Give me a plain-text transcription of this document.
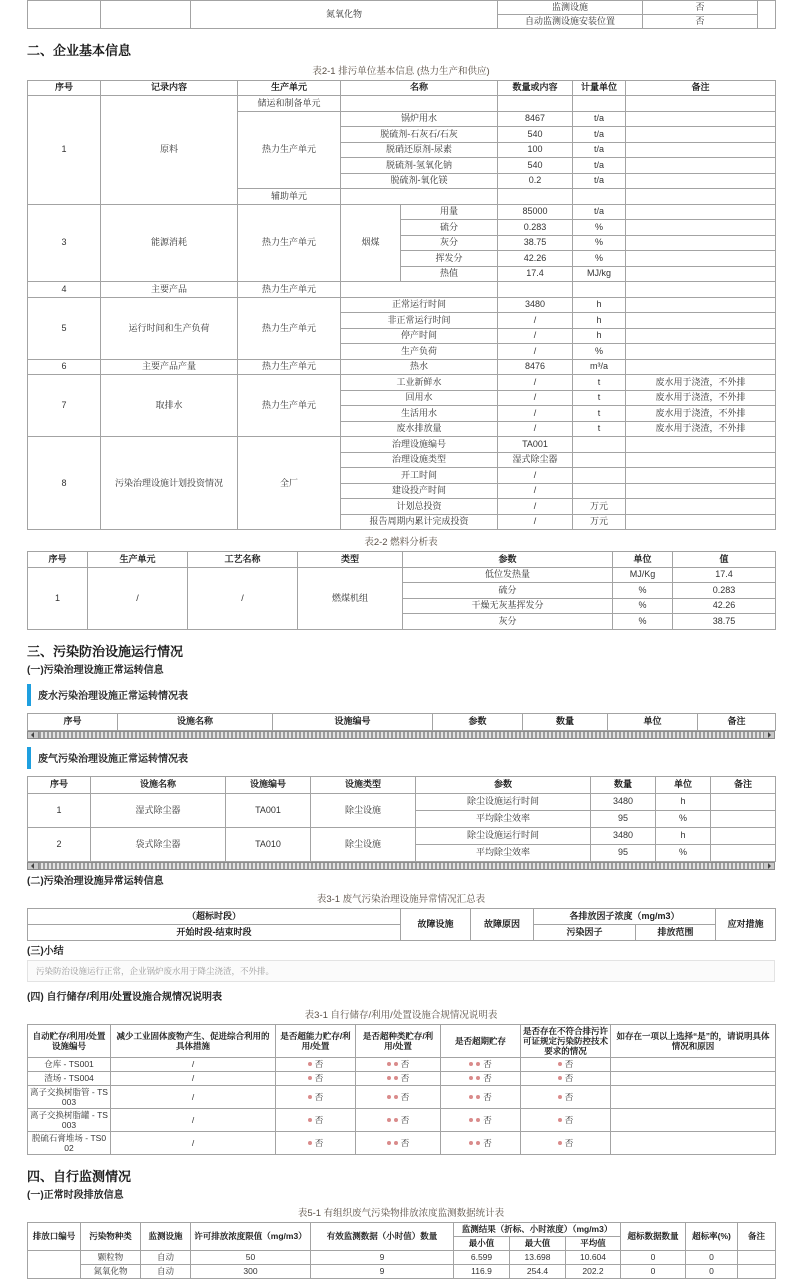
		氮氧化物	监测设施	否	
			自动监测设施安装位置	否	
二、企业基本信息
表2-1 排污单位基本信息 (热力生产和供应)
序号	记录内容	生产单元	名称		数量或内容	计量单位	备注
1	原料	储运和制备单元					
		热力生产单元	锅炉用水		8467	t/a	
			脱硫剂-石灰石/石灰		540	t/a	
			脱硝还原剂-尿素		100	t/a	
			脱硫剂-氢氧化钠		540	t/a	
			脱硫剂-氧化镁		0.2	t/a	
		辅助单元					
3	能源消耗	热力生产单元	烟煤	用量	85000	t/a	
				硫分	0.283	%	
				灰分	38.75	%	
				挥发分	42.26	%	
				热值	17.4	MJ/kg	
4	主要产品	热力生产单元					
5	运行时间和生产负荷	热力生产单元	正常运行时间		3480	h	
			非正常运行时间		/	h	
			停产时间		/	h	
			生产负荷		/	%	
6	主要产品产量	热力生产单元	热水		8476	m³/a	
7	取排水	热力生产单元	工业新鲜水		/	t	废水用于浇渣，不外排
			回用水		/	t	废水用于浇渣，不外排
			生活用水		/	t	废水用于浇渣，不外排
			废水排放量		/	t	废水用于浇渣，不外排
8	污染治理设施计划投资情况	全厂	治理设施编号		TA001		
			治理设施类型		湿式除尘器		
			开工时间		/		
			建设投产时间		/		
			计划总投资		/	万元	
			报告周期内累计完成投资		/	万元	
表2-2 燃料分析表
序号	生产单元	工艺名称	类型	参数	单位	值
1	/	/	燃煤机组	低位发热量	MJ/Kg	17.4
				硫分	%	0.283
				干燥无灰基挥发分	%	42.26
				灰分	%	38.75
三、污染防治设施运行情况
(一)污染治理设施正常运转信息
废水污染治理设施正常运转情况表
序号	设施名称	设施编号	参数	数量	单位	备注
废气污染治理设施正常运转情况表
序号	设施名称	设施编号	设施类型	参数	数量	单位	备注
1	湿式除尘器	TA001	除尘设施	除尘设施运行时间	3480	h	
				平均除尘效率	95	%	
2	袋式除尘器	TA010	除尘设施	除尘设施运行时间	3480	h	
				平均除尘效率	95	%	
(二)污染治理设施异常运转信息
表3-1 废气污染治理设施异常情况汇总表
（超标时段）	故障设施	故障原因	各排放因子浓度（mg/m3）		应对措施
开始时段-结束时段			污染因子	排放范围	
(三)小结
污染防治设施运行正常，企业锅炉废水用于降尘浇渣，不外排。
(四) 自行储存/利用/处置设施合规情况说明表
表3-1 自行储存/利用/处置设施合规情况说明表
自动贮存/利用/处置设施编号	减少工业固体废物产生、促进综合利用的具体措施	是否超能力贮存/利用/处置	是否超种类贮存/利用/处置	是否超期贮存	是否存在不符合排污许可证规定污染防控技术要求的情况	如存在一项以上选择“是”的，请说明具体情况和原因
仓库 - TS001	/	否	否	否	否	
渣场 - TS004	/	否	否	否	否	
离子交换树脂管 - TS003	/	否	否	否	否	
离子交换树脂罐 - TS003	/	否	否	否	否	
脱硫石膏堆场 - TS002	/	否	否	否	否	
四、自行监测情况
(一)正常时段排放信息
表5-1 有组织废气污染物排放浓度监测数据统计表
排放口编号	污染物种类	监测设施	许可排放浓度限值（mg/m3）	有效监测数据（小时值）数量	监测结果（折标、小时浓度）（mg/m3）			超标数据数量	超标率(%)	备注
					最小值	最大值	平均值			
	颗粒物	自动	50	9	6.599	13.698	10.604	0	0	
	氮氧化物	自动	300	9	116.9	254.4	202.2	0	0	
